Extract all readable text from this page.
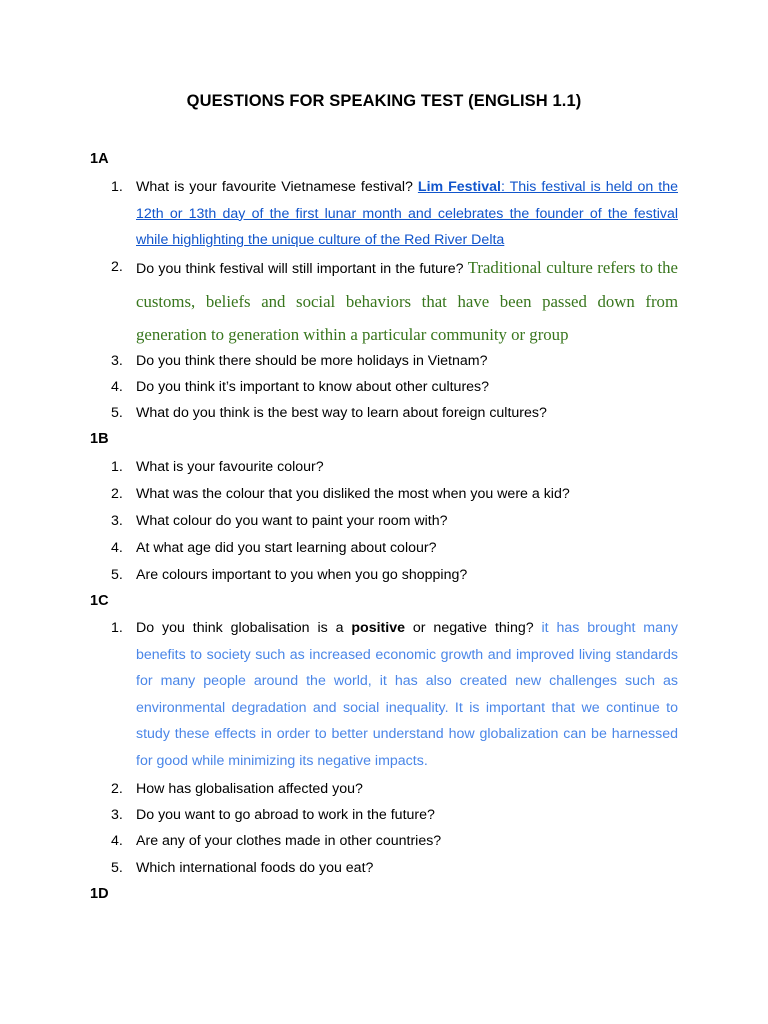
QUESTIONS FOR SPEAKING TEST (ENGLISH 1.1)
1A
1. What is your favourite Vietnamese festival? Lim Festival: This festival is held on the 12th or 13th day of the first lunar month and celebrates the founder of the festival while highlighting the unique culture of the Red River Delta
2. Do you think festival will still important in the future? Traditional culture refers to the customs, beliefs and social behaviors that have been passed down from generation to generation within a particular community or group
3. Do you think there should be more holidays in Vietnam?
4. Do you think it’s important to know about other cultures?
5. What do you think is the best way to learn about foreign cultures?
1B
1. What is your favourite colour?
2. What was the colour that you disliked the most when you were a kid?
3. What colour do you want to paint your room with?
4. At what age did you start learning about colour?
5. Are colours important to you when you go shopping?
1C
1. Do you think globalisation is a positive or negative thing? it has brought many benefits to society such as increased economic growth and improved living standards for many people around the world, it has also created new challenges such as environmental degradation and social inequality. It is important that we continue to study these effects in order to better understand how globalization can be harnessed for good while minimizing its negative impacts.
2. How has globalisation affected you?
3. Do you want to go abroad to work in the future?
4. Are any of your clothes made in other countries?
5. Which international foods do you eat?
1D
